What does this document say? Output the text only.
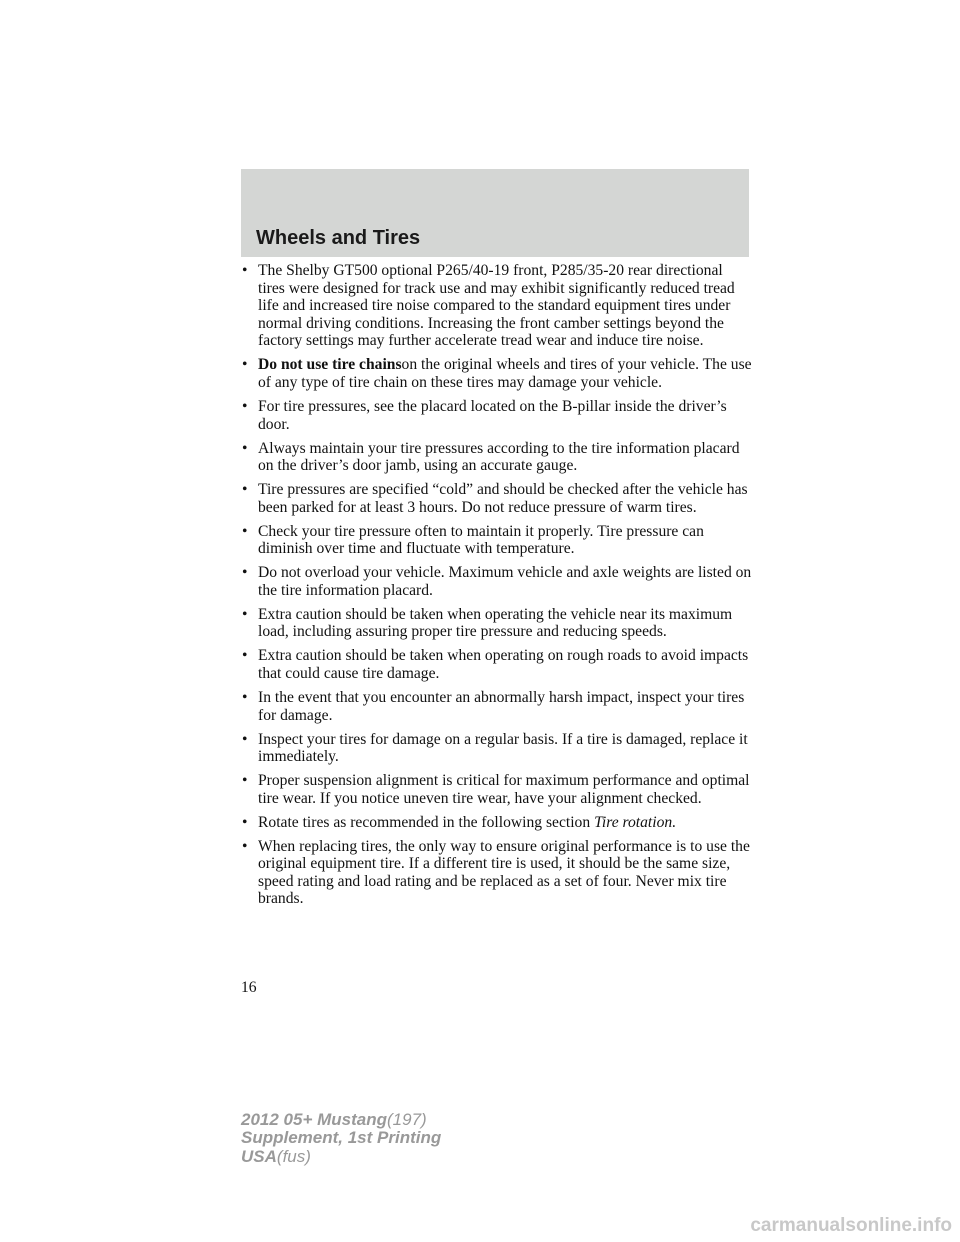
Wheels and Tires
• The Shelby GT500 optional P265/40-19 front, P285/35-20 rear directional tires were designed for track use and may exhibit significantly reduced tread life and increased tire noise compared to the standard equipment tires under normal driving conditions. Increasing the front camber settings beyond the factory settings may further accelerate tread wear and induce tire noise.
• Do not use tire chainson the original wheels and tires of your vehicle. The use of any type of tire chain on these tires may damage your vehicle.
• For tire pressures, see the placard located on the B-pillar inside the driver’s door.
• Always maintain your tire pressures according to the tire information placard on the driver’s door jamb, using an accurate gauge.
• Tire pressures are specified “cold” and should be checked after the vehicle has been parked for at least 3 hours. Do not reduce pressure of warm tires.
• Check your tire pressure often to maintain it properly. Tire pressure can diminish over time and fluctuate with temperature.
• Do not overload your vehicle. Maximum vehicle and axle weights are listed on the tire information placard.
• Extra caution should be taken when operating the vehicle near its maximum load, including assuring proper tire pressure and reducing speeds.
• Extra caution should be taken when operating on rough roads to avoid impacts that could cause tire damage.
• In the event that you encounter an abnormally harsh impact, inspect your tires for damage.
• Inspect your tires for damage on a regular basis. If a tire is damaged, replace it immediately.
• Proper suspension alignment is critical for maximum performance and optimal tire wear. If you notice uneven tire wear, have your alignment checked.
• Rotate tires as recommended in the following section Tire rotation.
• When replacing tires, the only way to ensure original performance is to use the original equipment tire. If a different tire is used, it should be the same size, speed rating and load rating and be replaced as a set of four. Never mix tire brands.
16
2012 05+ Mustang(197)
Supplement, 1st Printing
USA(fus)
carmanualsonline.info
